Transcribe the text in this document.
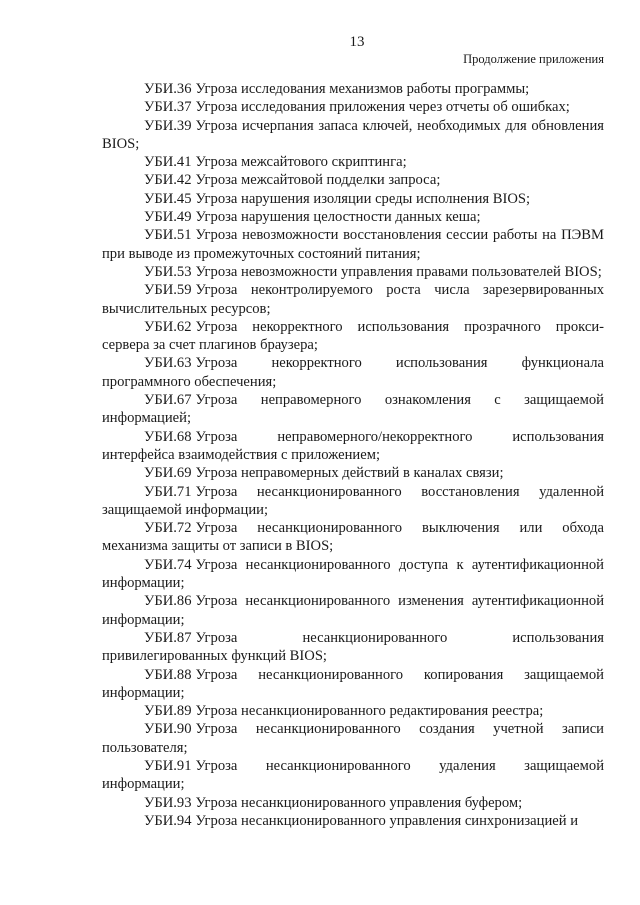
13
Продолжение приложения

УБИ.36 Угроза исследования механизмов работы программы;

УБИ.37 Угроза исследования приложения через отчеты об ошибках;

УБИ.39 Угроза исчерпания запаса ключей, необходимых для обновления BIOS;

УБИ.41 Угроза межсайтового скриптинга;

УБИ.42 Угроза межсайтовой подделки запроса;

УБИ.45 Угроза нарушения изоляции среды исполнения BIOS;

УБИ.49 Угроза нарушения целостности данных кеша;

УБИ.51 Угроза невозможности восстановления сессии работы на ПЭВМ при выводе из промежуточных состояний питания;

УБИ.53 Угроза невозможности управления правами пользователей BIOS;

УБИ.59 Угроза неконтролируемого роста числа зарезервированных вычислительных ресурсов;

УБИ.62 Угроза некорректного использования прозрачного прокси-сервера за счет плагинов браузера;

УБИ.63 Угроза некорректного использования функционала программного обеспечения;

УБИ.67 Угроза неправомерного ознакомления с защищаемой информацией;

УБИ.68 Угроза неправомерного/некорректного использования интерфейса взаимодействия с приложением;

УБИ.69 Угроза неправомерных действий в каналах связи;

УБИ.71 Угроза несанкционированного восстановления удаленной защищаемой информации;

УБИ.72 Угроза несанкционированного выключения или обхода механизма защиты от записи в BIOS;

УБИ.74 Угроза несанкционированного доступа к аутентификационной информации;

УБИ.86 Угроза несанкционированного изменения аутентификационной информации;

УБИ.87 Угроза несанкционированного использования привилегированных функций BIOS;

УБИ.88 Угроза несанкционированного копирования защищаемой информации;

УБИ.89 Угроза несанкционированного редактирования реестра;

УБИ.90 Угроза несанкционированного создания учетной записи пользователя;

УБИ.91 Угроза несанкционированного удаления защищаемой информации;

УБИ.93 Угроза несанкционированного управления буфером;

УБИ.94 Угроза несанкционированного управления синхронизацией и
